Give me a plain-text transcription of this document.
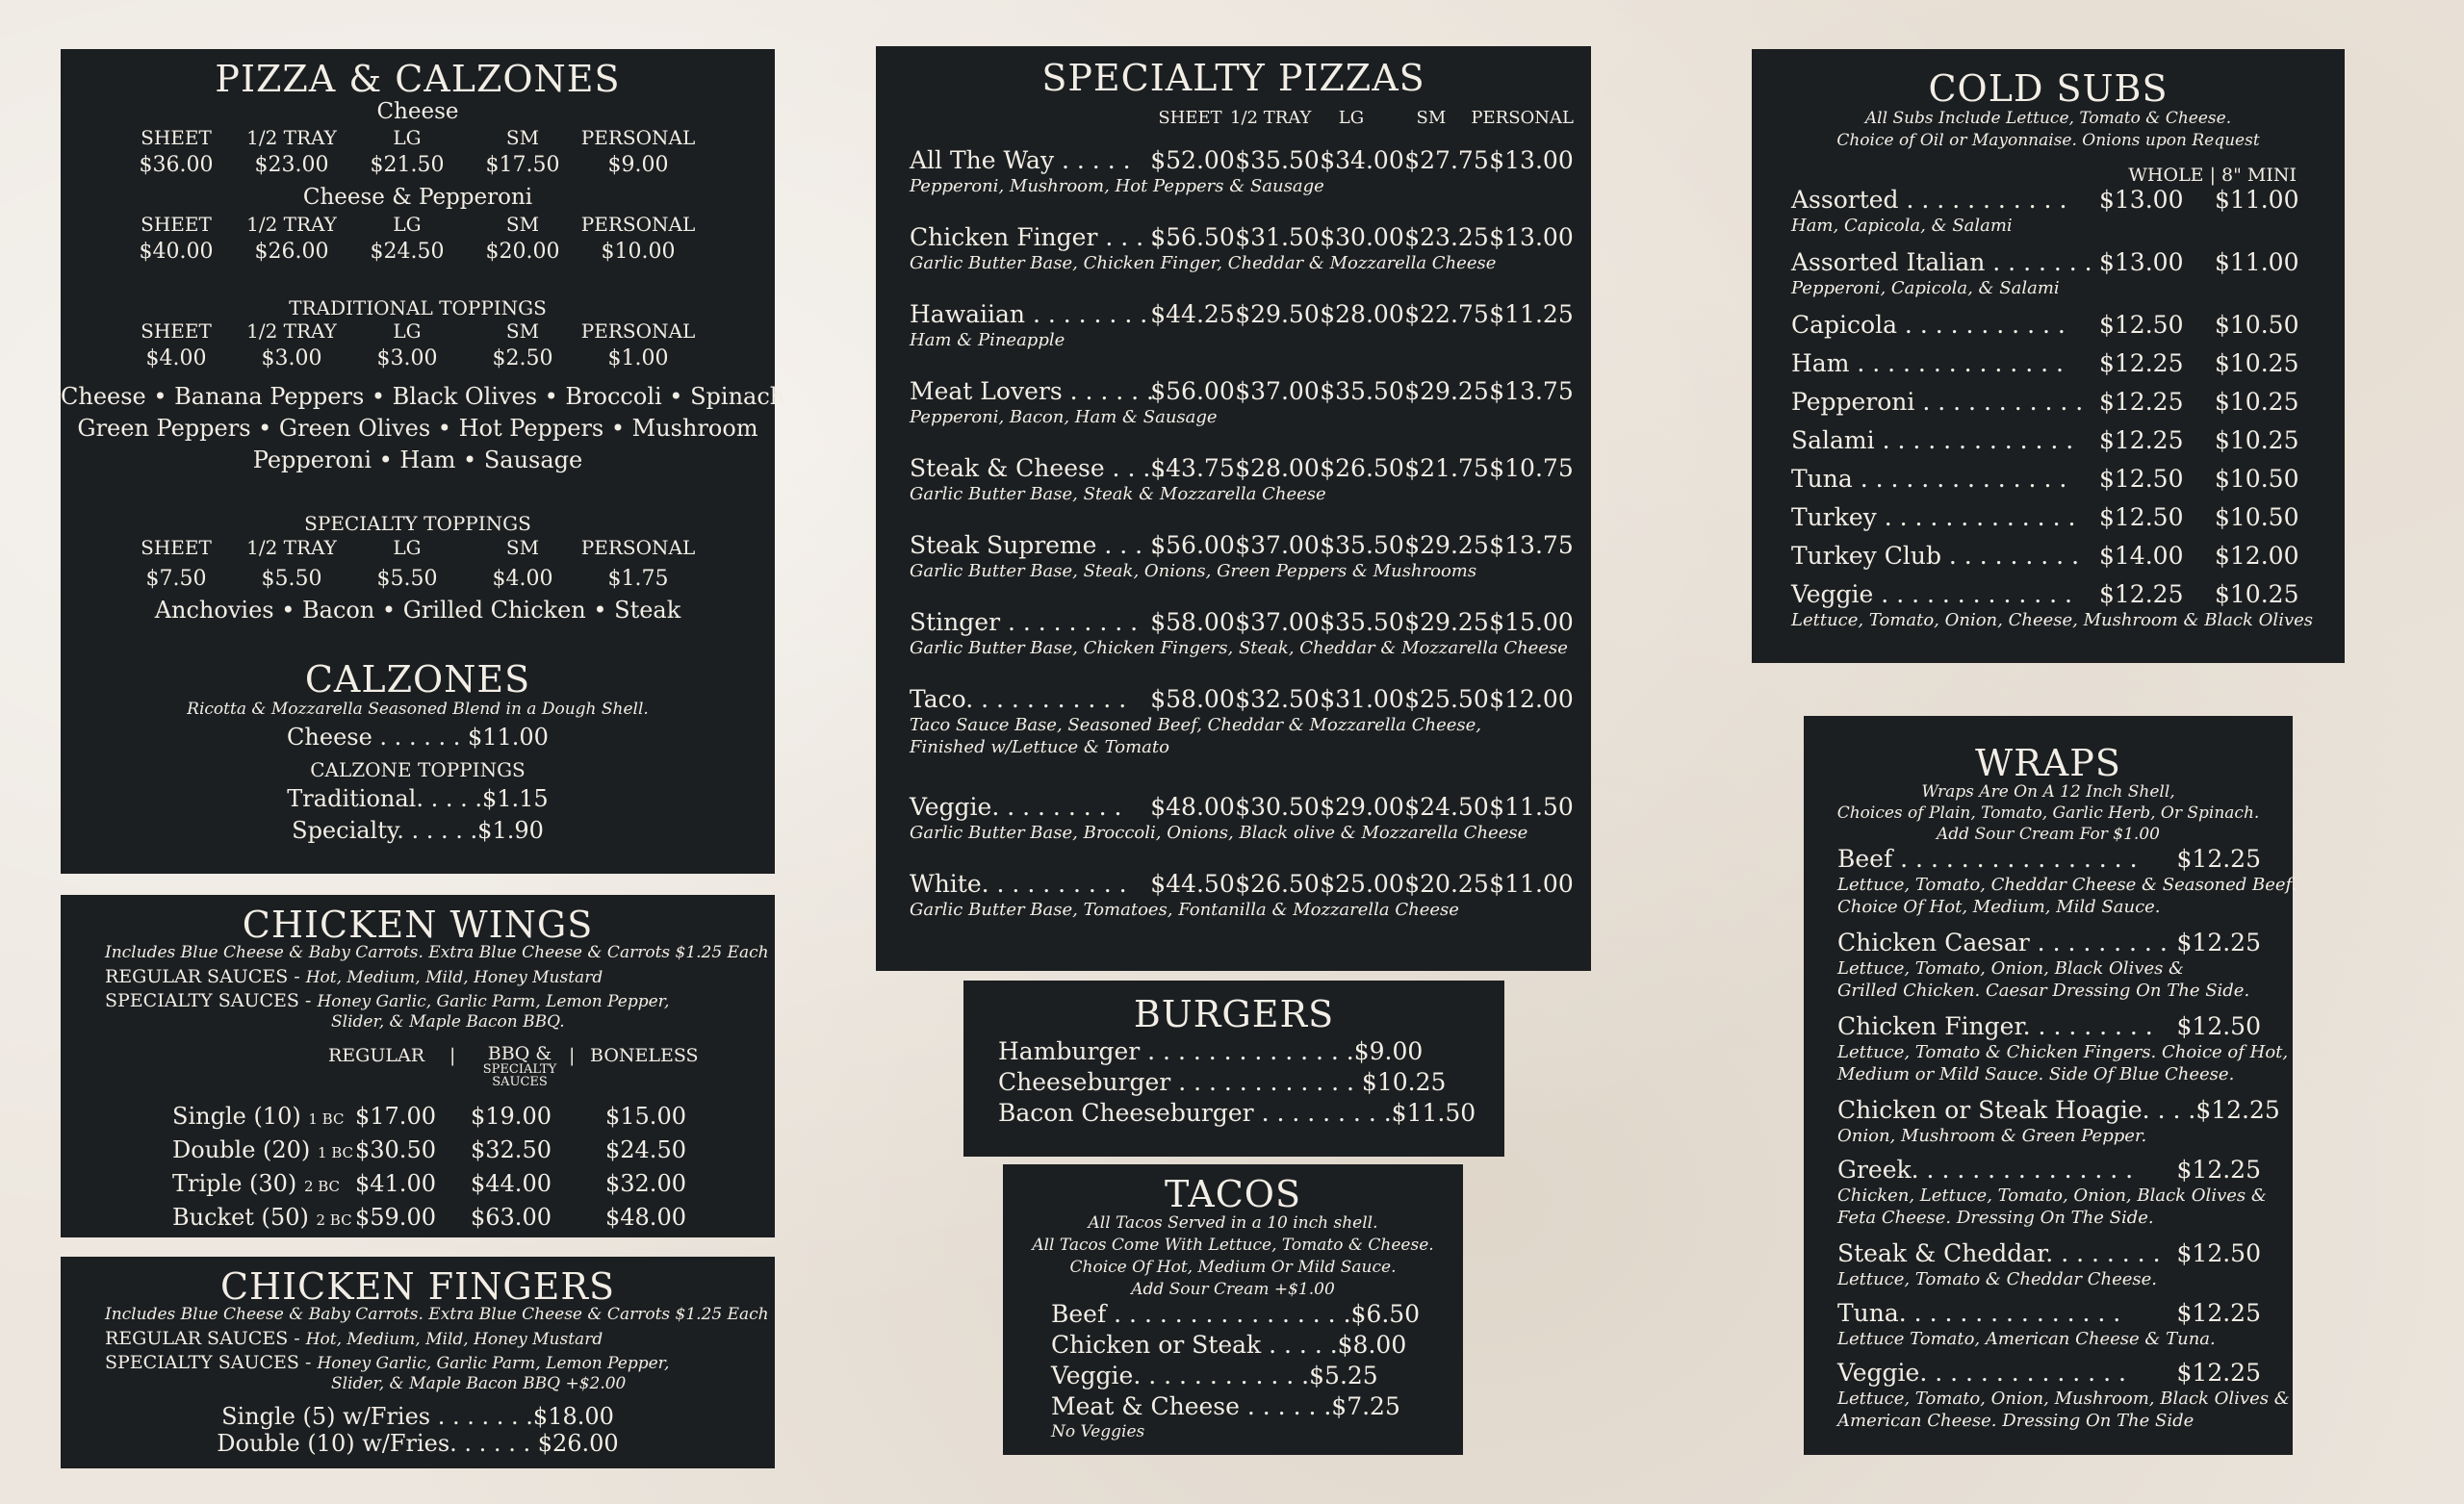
PIZZA & CALZONES
Cheese
SHEET	1/2 TRAY	LG	SM	PERSONAL
$36.00	$23.00	$21.50	$17.50	$9.00
Cheese & Pepperoni
SHEET	1/2 TRAY	LG	SM	PERSONAL
$40.00	$26.00	$24.50	$20.00	$10.00
TRADITIONAL TOPPINGS
SHEET	1/2 TRAY	LG	SM	PERSONAL
$4.00	$3.00	$3.00	$2.50	$1.00
Cheese • Banana Peppers • Black Olives • Broccoli • Spinach
Green Peppers • Green Olives • Hot Peppers • Mushroom
Pepperoni • Ham • Sausage
SPECIALTY TOPPINGS
SHEET	1/2 TRAY	LG	SM	PERSONAL
$7.50	$5.50	$5.50	$4.00	$1.75
Anchovies • Bacon • Grilled Chicken • Steak
CALZONES
Ricotta & Mozzarella Seasoned Blend in a Dough Shell.
Cheese . . . . . . $11.00
CALZONE TOPPINGS
Traditional. . . . .$1.15
Specialty. . . . . .$1.90
CHICKEN WINGS
Includes Blue Cheese & Baby Carrots. Extra Blue Cheese & Carrots $1.25 Each
REGULAR SAUCES - Hot, Medium, Mild, Honey Mustard
SPECIALTY SAUCES - Honey Garlic, Garlic Parm, Lemon Pepper,
Slider, & Maple Bacon BBQ.
REGULAR |	BBQ &
SPECIALTY
SAUCES
| BONELESS
Single (10) 1 BC $17.00	$19.00	$15.00
Double (20) 1 BC $30.50	$32.50	$24.50
Triple (30) 2 BC $41.00	$44.00	$32.00
Bucket (50) 2 BC $59.00	$63.00	$48.00
CHICKEN FINGERS
Includes Blue Cheese & Baby Carrots. Extra Blue Cheese & Carrots $1.25 Each
REGULAR SAUCES - Hot, Medium, Mild, Honey Mustard
SPECIALTY SAUCES - Honey Garlic, Garlic Parm, Lemon Pepper,
Slider, & Maple Bacon BBQ +$2.00
Single (5) w/Fries . . . . . . .$18.00
Double (10) w/Fries. . . . . . $26.00
SPECIALTY PIZZAS
SHEET 1/2 TRAY	LG	SM	PERSONAL
All The Way . . . . . $52.00 $35.50 $34.00 $27.75 $13.00
Pepperoni, Mushroom, Hot Peppers & Sausage
Chicken Finger . . . . .
$56.50 $31.50 $30.00 $23.25 $13.00
Garlic Butter Base, Chicken Finger, Cheddar & Mozzarella Cheese
Hawaiian . . . . . . . . $44.25 $29.50 $28.00 $22.75 $11.25
Ham & Pineapple
Meat Lovers . . . . . .
$56.00 $37.00 $35.50 $29.25 $13.75
Pepperoni, Bacon, Ham & Sausage
Steak & Cheese . . . .
$43.75 $28.00 $26.50 $21.75 $10.75
Garlic Butter Base, Steak & Mozzarella Cheese
Steak Supreme . . . . .
$56.00 $37.00 $35.50 $29.25 $13.75
Garlic Butter Base, Steak, Onions, Green Peppers & Mushrooms
Stinger . . . . . . . . . $58.00 $37.00 $35.50 $29.25 $15.00
Garlic Butter Base, Chicken Fingers, Steak, Cheddar & Mozzarella Cheese
Taco. . . . . . . . . . .	$58.00 $32.50 $31.00 $25.50 $12.00
Taco Sauce Base, Seasoned Beef, Cheddar & Mozzarella Cheese,
Finished w/Lettuce & Tomato
Veggie. . . . . . . . .	$48.00 $30.50 $29.00 $24.50 $11.50
Garlic Butter Base, Broccoli, Onions, Black olive & Mozzarella Cheese
White. . . . . . . . . . $44.50 $26.50 $25.00 $20.25 $11.00
Garlic Butter Base, Tomatoes, Fontanilla & Mozzarella Cheese
BURGERS
Hamburger . . . . . . . . . . . . . .$9.00
Cheeseburger . . . . . . . . . . . . $10.25
Bacon Cheeseburger . . . . . . . . .$11.50
TACOS
All Tacos Served in a 10 inch shell.
All Tacos Come With Lettuce, Tomato & Cheese.
Choice Of Hot, Medium Or Mild Sauce.
Add Sour Cream +$1.00
Beef . . . . . . . . . . . . . . . .$6.50
Chicken or Steak . . . . .$8.00
Veggie. . . . . . . . . . . .$5.25
Meat & Cheese . . . . . .$7.25
No Veggies
COLD SUBS
All Subs Include Lettuce, Tomato & Cheese.
Choice of Oil or Mayonnaise. Onions upon Request
WHOLE | 8" MINI
Assorted . . . . . . . . . . .	$13.00	$11.00
Ham, Capicola, & Salami
Assorted Italian . . . . . . . $13.00	$11.00
Pepperoni, Capicola, & Salami
Capicola . . . . . . . . . . .	$12.50	$10.50
Ham . . . . . . . . . . . . . .	$12.25	$10.25
Pepperoni . . . . . . . . . . . $12.25	$10.25
Salami . . . . . . . . . . . . .	$12.25	$10.25
Tuna . . . . . . . . . . . . . .	$12.50	$10.50
Turkey . . . . . . . . . . . . . $12.50	$10.50
Turkey Club . . . . . . . . . $14.00	$12.00
Veggie . . . . . . . . . . . . .	$12.25	$10.25
Lettuce, Tomato, Onion, Cheese, Mushroom & Black Olives
WRAPS
Wraps Are On A 12 Inch Shell,
Choices of Plain, Tomato, Garlic Herb, Or Spinach.
Add Sour Cream For $1.00
Beef . . . . . . . . . . . . . . . . $12.25
Lettuce, Tomato, Cheddar Cheese & Seasoned Beef.
Choice Of Hot, Medium, Mild Sauce.
Chicken Caesar . . . . . . . . . $12.25
Lettuce, Tomato, Onion, Black Olives &
Grilled Chicken. Caesar Dressing On The Side.
Chicken Finger. . . . . . . . . $12.50
Lettuce, Tomato & Chicken Fingers. Choice of Hot,
Medium or Mild Sauce. Side Of Blue Cheese.
Chicken or Steak Hoagie. . . . $12.25
Onion, Mushroom & Green Pepper.
Greek. . . . . . . . . . . . . . . $12.25
Chicken, Lettuce, Tomato, Onion, Black Olives &
Feta Cheese. Dressing On The Side.
Steak & Cheddar. . . . . . . . $12.50
Lettuce, Tomato & Cheddar Cheese.
Tuna. . . . . . . . . . . . . . . $12.25
Lettuce Tomato, American Cheese & Tuna.
Veggie. . . . . . . . . . . . . . $12.25
Lettuce, Tomato, Onion, Mushroom, Black Olives &
American Cheese. Dressing On The Side
